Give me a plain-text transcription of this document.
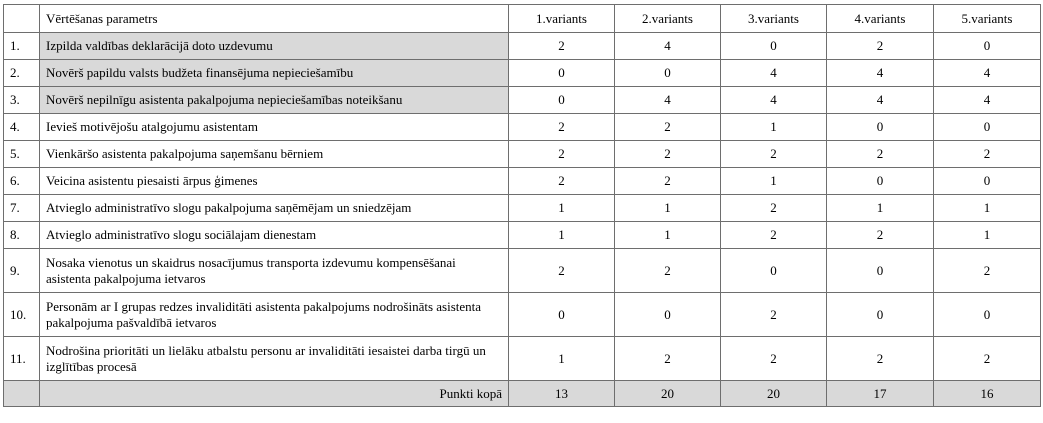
	Vērtēšanas parametrs	1.variants	2.variants	3.variants	4.variants	5.variants
1.	Izpilda valdības deklarācijā doto uzdevumu	2	4	0	2	0
2.	Novērš papildu valsts budžeta finansējuma nepieciešamību	0	0	4	4	4
3.	Novērš nepilnīgu asistenta pakalpojuma nepieciešamības noteikšanu	0	4	4	4	4
4.	Ievieš motivējošu atalgojumu asistentam	2	2	1	0	0
5.	Vienkāršo asistenta pakalpojuma saņemšanu bērniem	2	2	2	2	2
6.	Veicina asistentu piesaisti ārpus ģimenes	2	2	1	0	0
7.	Atvieglo administratīvo slogu pakalpojuma saņēmējam un sniedzējam	1	1	2	1	1
8.	Atvieglo administratīvo slogu sociālajam dienestam	1	1	2	2	1
9.	Nosaka vienotus un skaidrus nosacījumus transporta izdevumu kompensēšanai asistenta pakalpojuma ietvaros	2	2	0	0	2
10.	Personām ar I grupas redzes invaliditāti asistenta pakalpojums nodrošināts asistenta pakalpojuma pašvaldībā ietvaros	0	0	2	0	0
11.	Nodrošina prioritāti un lielāku atbalstu personu ar invaliditāti iesaistei darba tirgū un izglītības procesā	1	2	2	2	2
	Punkti kopā	13	20	20	17	16
